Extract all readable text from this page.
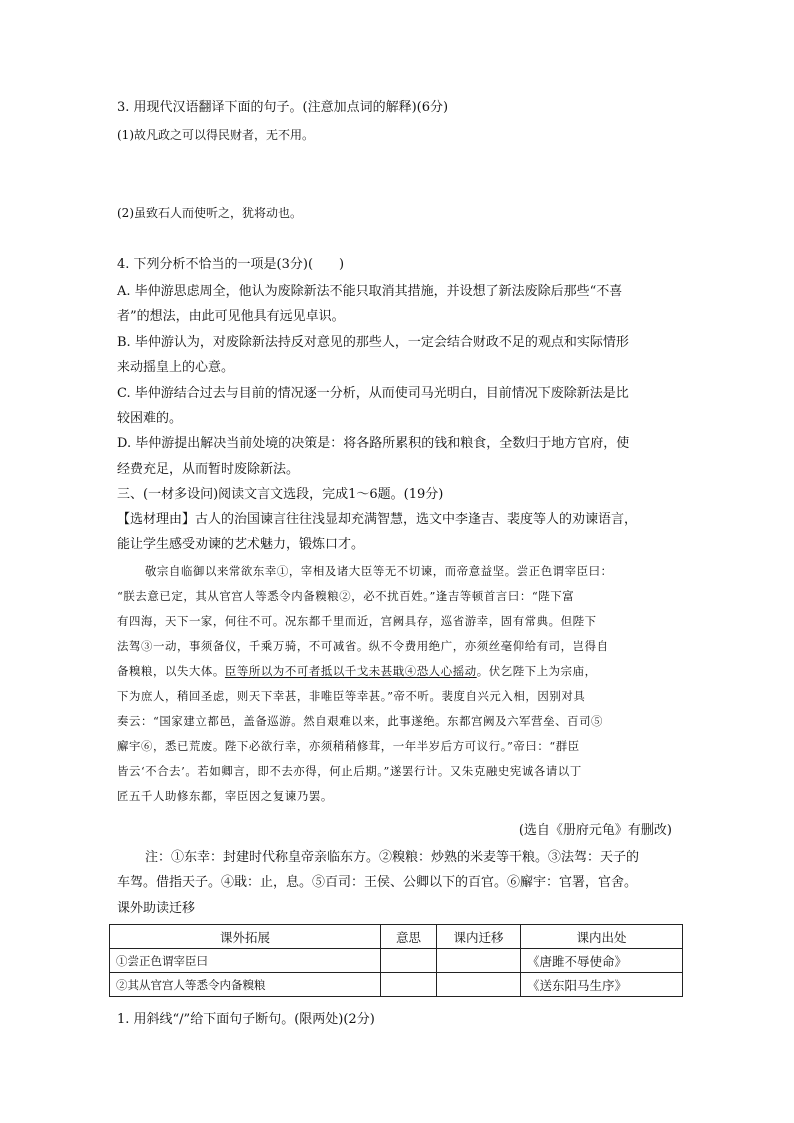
3. 用现代汉语翻译下面的句子。(注意加点词的解释)(6分)
(1)故凡政之可以得民财者，无不用。
(2)虽致石人而使听之，犹将动也。
4. 下列分析不恰当的一项是(3分)(　　)
A. 毕仲游思虑周全，他认为废除新法不能只取消其措施，并设想了新法废除后那些“不喜
者”的想法，由此可见他具有远见卓识。
B. 毕仲游认为，对废除新法持反对意见的那些人，一定会结合财政不足的观点和实际情形
来动摇皇上的心意。
C. 毕仲游结合过去与目前的情况逐一分析，从而使司马光明白，目前情况下废除新法是比
较困难的。
D. 毕仲游提出解决当前处境的决策是：将各路所累积的钱和粮食，全数归于地方官府，使
经费充足，从而暂时废除新法。
三、(一材多设问)阅读文言文选段，完成1～6题。(19分)
【选材理由】古人的治国谏言往往浅显却充满智慧，选文中李逢吉、裴度等人的劝谏语言，
能让学生感受劝谏的艺术魅力，锻炼口才。
敬宗自临御以来常欲东幸①，宰相及诸大臣等无不切谏，而帝意益坚。尝正色谓宰臣曰：
“朕去意已定，其从官宫人等悉令内备糗粮②，必不扰百姓。”逢吉等顿首言曰：“陛下富
有四海，天下一家，何往不可。况东都千里而近，宫阙具存，巡省游幸，固有常典。但陛下
法驾③一动，事须备仪，千乘万骑，不可减省。纵不令费用绝广，亦须丝毫仰给有司，岂得自
备糗粮，以失大体。臣等所以为不可者抵以千戈未甚戢④恐人心摇动。伏乞陛下上为宗庙，
下为庶人，稍回圣虑，则天下幸甚，非唯臣等幸甚。”帝不听。裴度自兴元入相，因别对具
奏云：“国家建立都邑，盖备巡游。然自艰难以来，此事遂绝。东都宫阙及六军营垒、百司⑤
廨宇⑥，悉已荒废。陛下必欲行幸，亦须稍稍修茸，一年半岁后方可议行。”帝曰：“群臣
皆云‘不合去’。若如卿言，即不去亦得，何止后期。”遂罢行计。又朱克融史宪诚各请以丁
匠五千人助修东都，宰臣因之复谏乃罢。
(选自《册府元龟》有删改)
注：①东幸：封建时代称皇帝亲临东方。②糗粮：炒熟的米麦等干粮。③法驾：天子的
车驾。借指天子。④戢：止，息。⑤百司：王侯、公卿以下的百官。⑥廨宇：官署，官舍。
课外助读迁移
课外拓展	意思	课内迁移	课内出处
①尝正色谓宰臣曰			《唐雎不辱使命》
②其从官宫人等悉令内备糗粮			《送东阳马生序》
1. 用斜线“/”给下面句子断句。(限两处)(2分)
